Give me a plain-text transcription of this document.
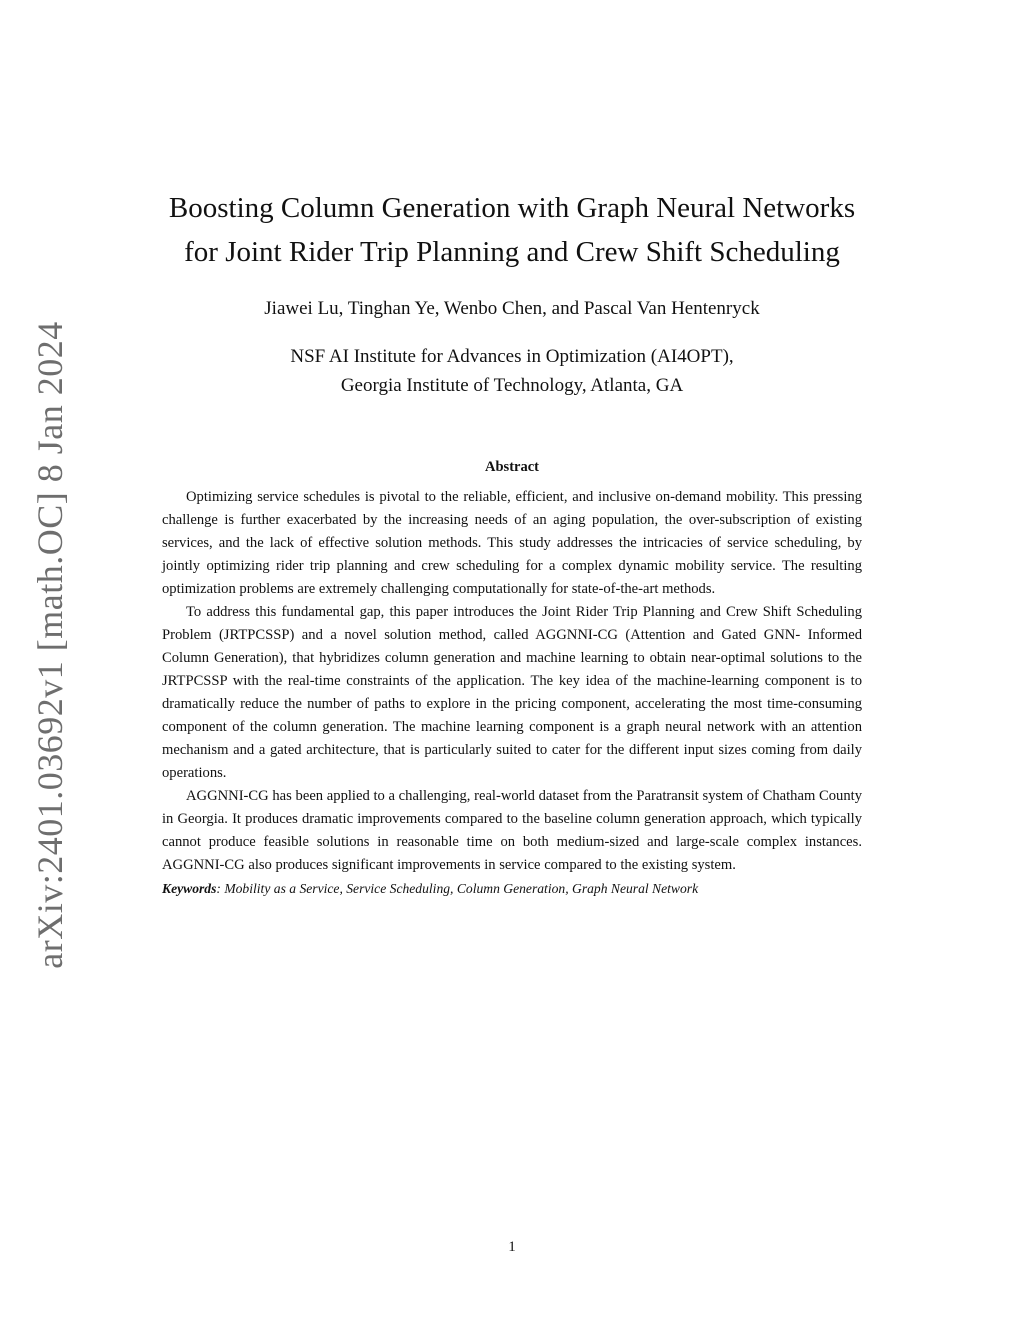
arXiv:2401.03692v1 [math.OC] 8 Jan 2024
Boosting Column Generation with Graph Neural Networks
for Joint Rider Trip Planning and Crew Shift Scheduling
Jiawei Lu, Tinghan Ye, Wenbo Chen, and Pascal Van Hentenryck
NSF AI Institute for Advances in Optimization (AI4OPT),
Georgia Institute of Technology, Atlanta, GA
Abstract

Optimizing service schedules is pivotal to the reliable, efficient, and inclusive on-demand mobility. This pressing challenge is further exacerbated by the increasing needs of an aging population, the over-subscription of existing services, and the lack of effective solution methods. This study addresses the intricacies of service scheduling, by jointly optimizing rider trip planning and crew scheduling for a complex dynamic mobility service. The resulting optimization problems are extremely challenging computationally for state-of-the-art methods.

To address this fundamental gap, this paper introduces the Joint Rider Trip Planning and Crew Shift Scheduling Problem (JRTPCSSP) and a novel solution method, called AGGNNI-CG (Attention and Gated GNN- Informed Column Generation), that hybridizes column generation and machine learning to obtain near-optimal solutions to the JRTPCSSP with the real-time constraints of the application. The key idea of the machine-learning component is to dramatically reduce the number of paths to explore in the pricing component, accelerating the most time-consuming component of the column generation. The machine learning component is a graph neural network with an attention mechanism and a gated architecture, that is particularly suited to cater for the different input sizes coming from daily operations.

AGGNNI-CG has been applied to a challenging, real-world dataset from the Paratransit system of Chatham County in Georgia. It produces dramatic improvements compared to the baseline column generation approach, which typically cannot produce feasible solutions in reasonable time on both medium-sized and large-scale complex instances. AGGNNI-CG also produces significant improvements in service compared to the existing system.

Keywords: Mobility as a Service, Service Scheduling, Column Generation, Graph Neural Network
1
